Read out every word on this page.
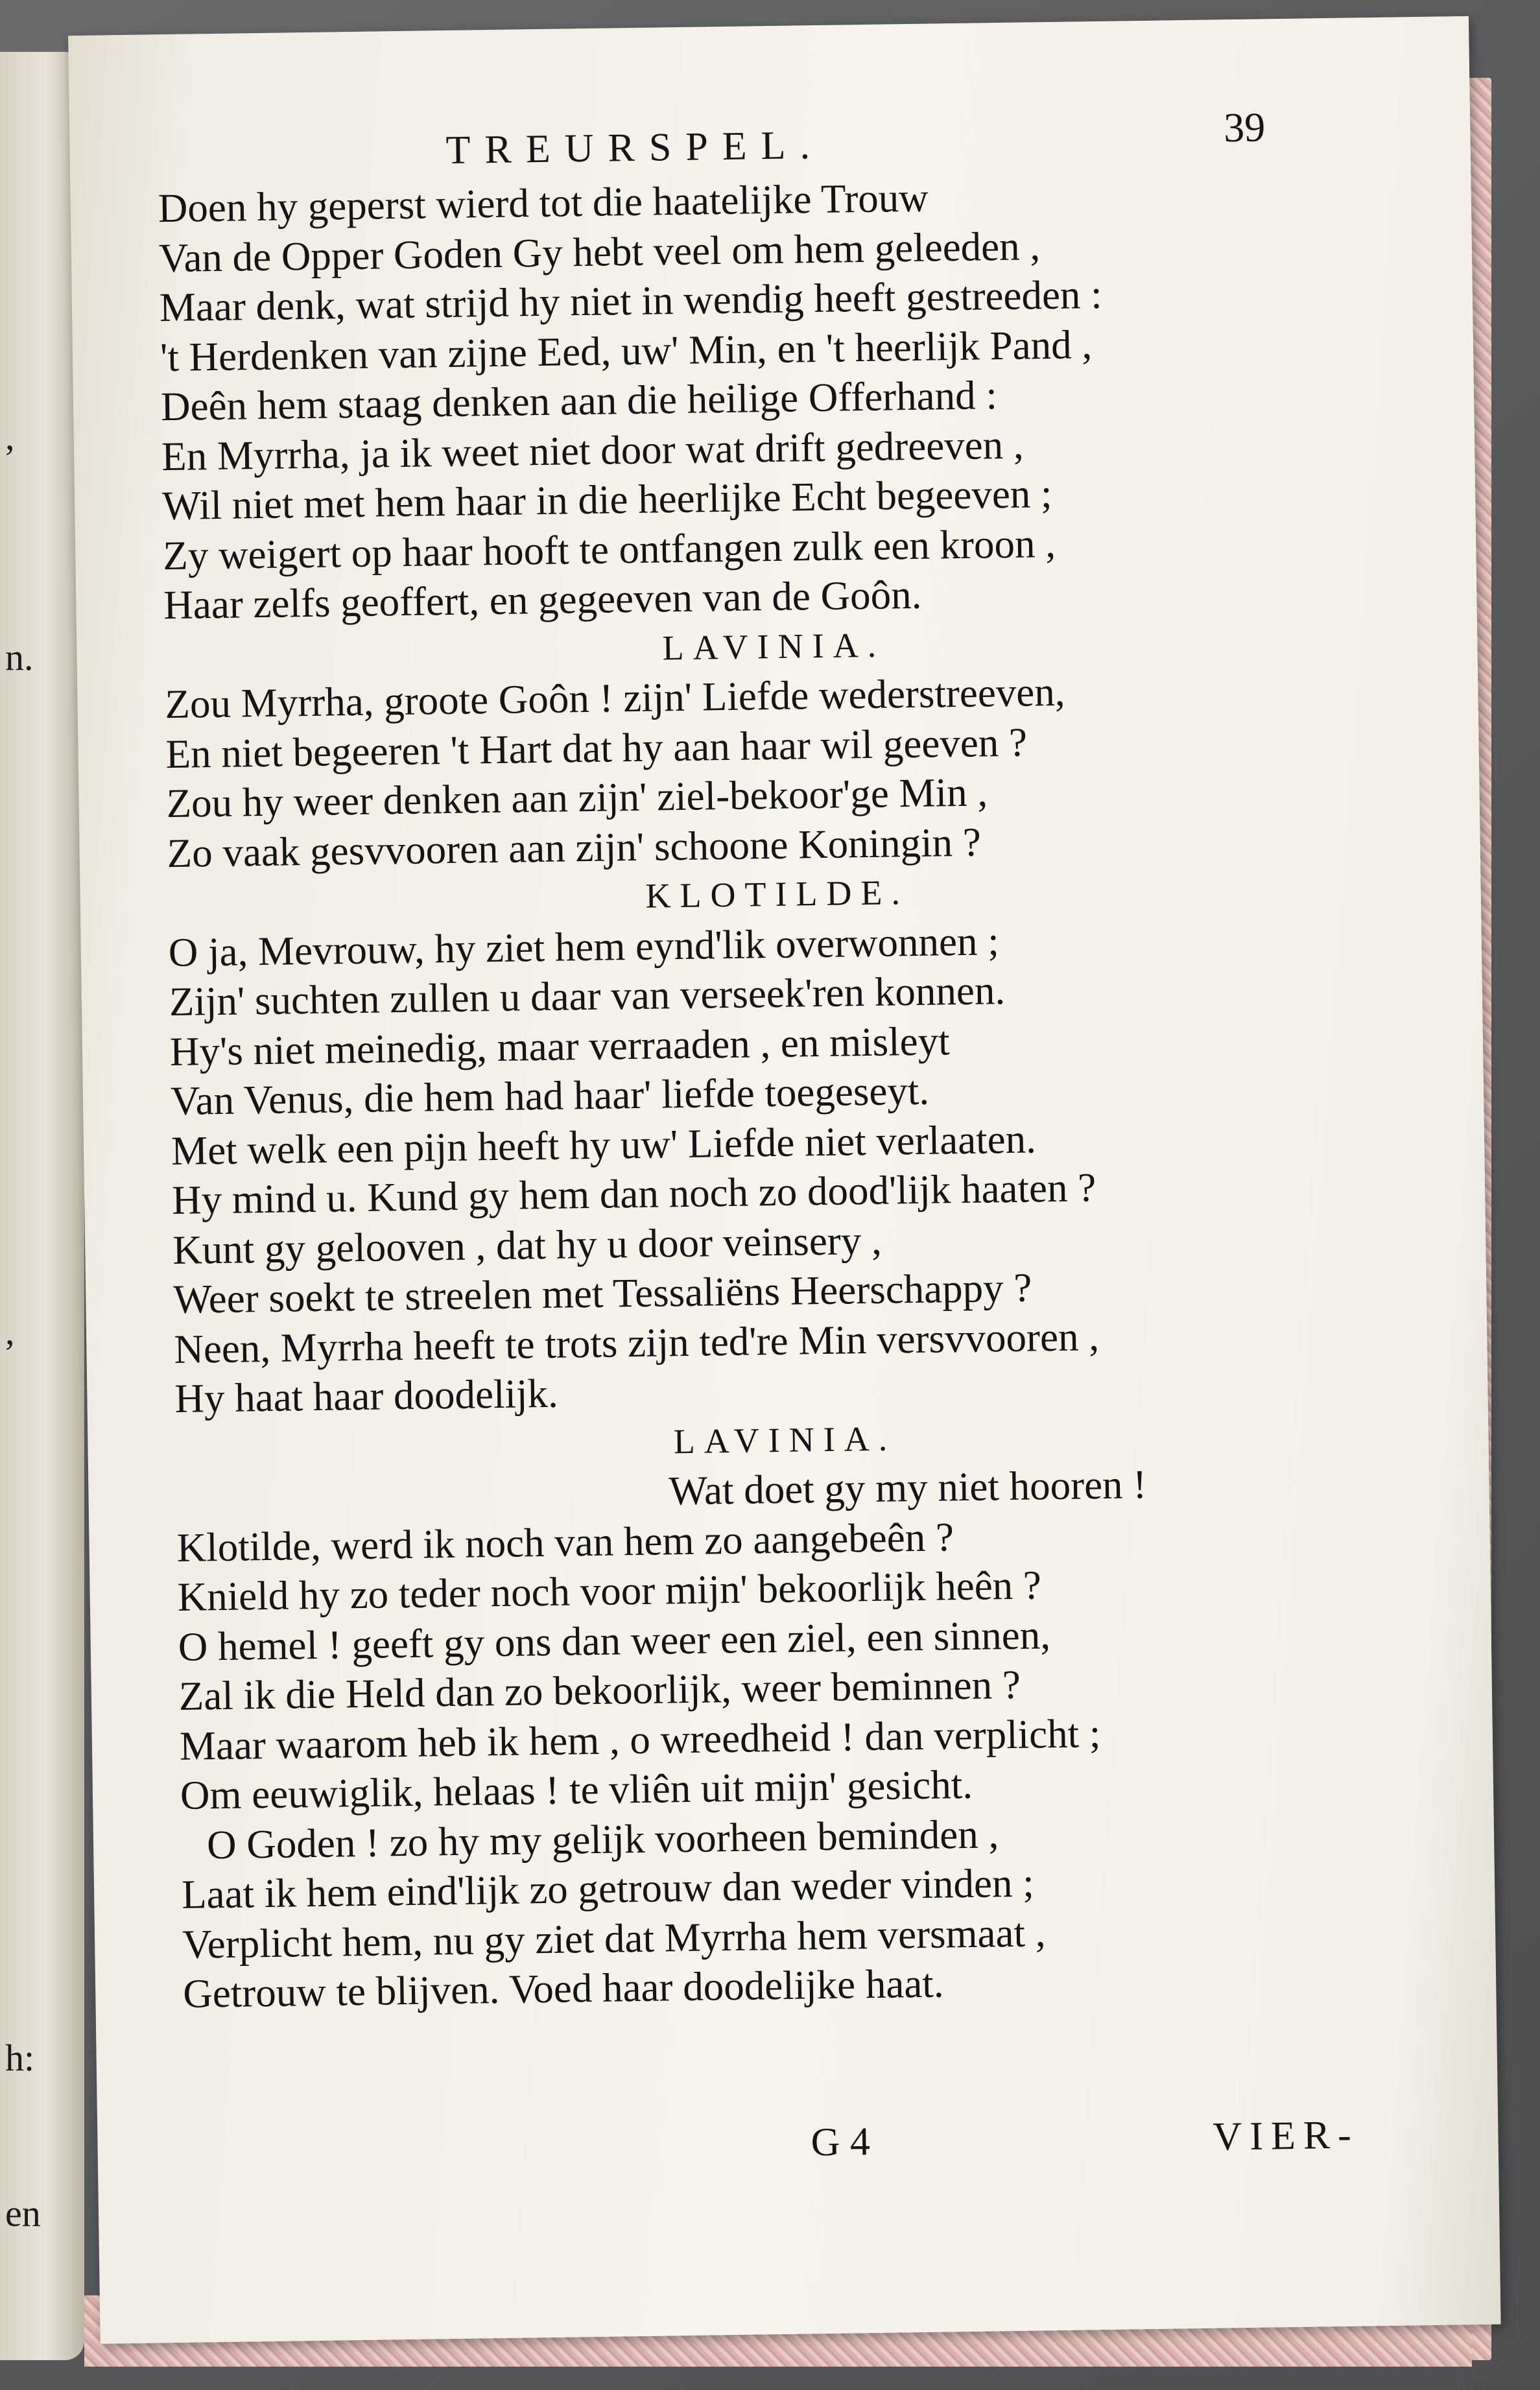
n.
,
,
h:
en
TREURSPEL.	39
Doen hy geperst wierd tot die haatelijke Trouw
Van de Opper Goden Gy hebt veel om hem geleeden ,
Maar denk, wat strijd hy niet in wendig heeft gestreeden :
't Herdenken van zijne Eed, uw' Min, en 't heerlijk Pand ,
Deên hem staag denken aan die heilige Offerhand :
En Myrrha, ja ik weet niet door wat drift gedreeven ,
Wil niet met hem haar in die heerlijke Echt begeeven ;
Zy weigert op haar hooft te ontfangen zulk een kroon ,
Haar zelfs geoffert, en gegeeven van de Goôn.
LAVINIA.
Zou Myrrha, groote Goôn ! zijn' Liefde wederstreeven,
En niet begeeren 't Hart dat hy aan haar wil geeven ?
Zou hy weer denken aan zijn' ziel-bekoor'ge Min ,
Zo vaak gesvvooren aan zijn' schoone Koningin ?
KLOTILDE.
O ja, Mevrouw, hy ziet hem eynd'lik overwonnen ;
Zijn' suchten zullen u daar van verseek'ren konnen.
Hy's niet meinedig, maar verraaden , en misleyt
Van Venus, die hem had haar' liefde toegeseyt.
Met welk een pijn heeft hy uw' Liefde niet verlaaten.
Hy mind u. Kund gy hem dan noch zo dood'lijk haaten ?
Kunt gy gelooven , dat hy u door veinsery ,
Weer soekt te streelen met Tessaliëns Heerschappy ?
Neen, Myrrha heeft te trots zijn ted're Min versvvooren ,
Hy haat haar doodelijk.
LAVINIA.
Wat doet gy my niet hooren !
Klotilde, werd ik noch van hem zo aangebeên ?
Knield hy zo teder noch voor mijn' bekoorlijk heên ?
O hemel ! geeft gy ons dan weer een ziel, een sinnen,
Zal ik die Held dan zo bekoorlijk, weer beminnen ?
Maar waarom heb ik hem , o wreedheid ! dan verplicht ;
Om eeuwiglik, helaas ! te vliên uit mijn' gesicht.
O Goden ! zo hy my gelijk voorheen beminden ,
Laat ik hem eind'lijk zo getrouw dan weder vinden ;
Verplicht hem, nu gy ziet dat Myrrha hem versmaat ,
Getrouw te blijven. Voed haar doodelijke haat.
G 4	VIER-
